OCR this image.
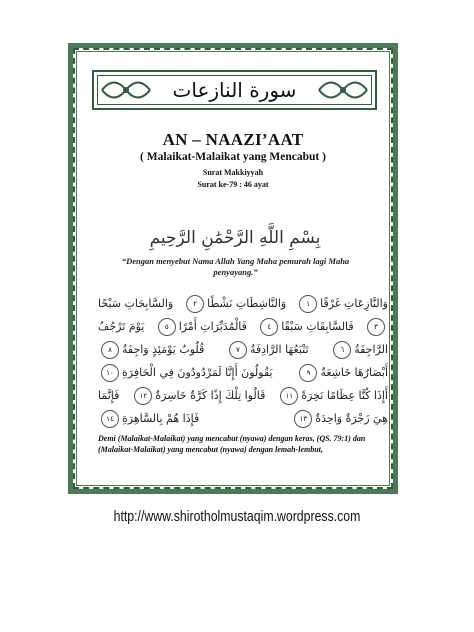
سورة النازعات
AN – NAAZI’AAT
( Malaikat-Malaikat yang Mencabut )
Surat Makkiyyah
Surat ke-79 : 46 ayat
بِسْمِ اللَّهِ الرَّحْمَٰنِ الرَّحِيمِ
“Dengan menyebut Nama Allah Yang Maha pemurah lagi Maha penyayang.”
وَالنَّازِعَاتِ غَرْقًا
١
وَالنَّاشِطَاتِ نَشْطًا
٢
وَالسَّابِحَاتِ سَبْحًا
٣
فَالسَّابِقَاتِ سَبْقًا
٤
فَالْمُدَبِّرَاتِ أَمْرًا
٥
يَوْمَ تَرْجُفُ
الرَّاجِفَةُ
٦
تَتْبَعُهَا الرَّادِفَةُ
٧
قُلُوبٌ يَوْمَئِذٍ وَاجِفَةٌ
٨
أَبْصَارُهَا خَاشِعَةٌ
٩
يَقُولُونَ أَإِنَّا لَمَرْدُودُونَ فِي الْحَافِرَةِ
١٠
أَإِذَا كُنَّا عِظَامًا نَخِرَةً
١١
قَالُوا تِلْكَ إِذًا كَرَّةٌ خَاسِرَةٌ
١٢
فَإِنَّمَا
هِيَ زَجْرَةٌ وَاحِدَةٌ
١٣
فَإِذَا هُمْ بِالسَّاهِرَةِ
١٤
Demi (Malaikat-Malaikat) yang mencabut (nyawa) dengan keras, (QS. 79:1) dan (Malaikat-Malaikat) yang mencabut (nyawa) dengan lemah-lembut,
http://www.shirotholmustaqim.wordpress.com
